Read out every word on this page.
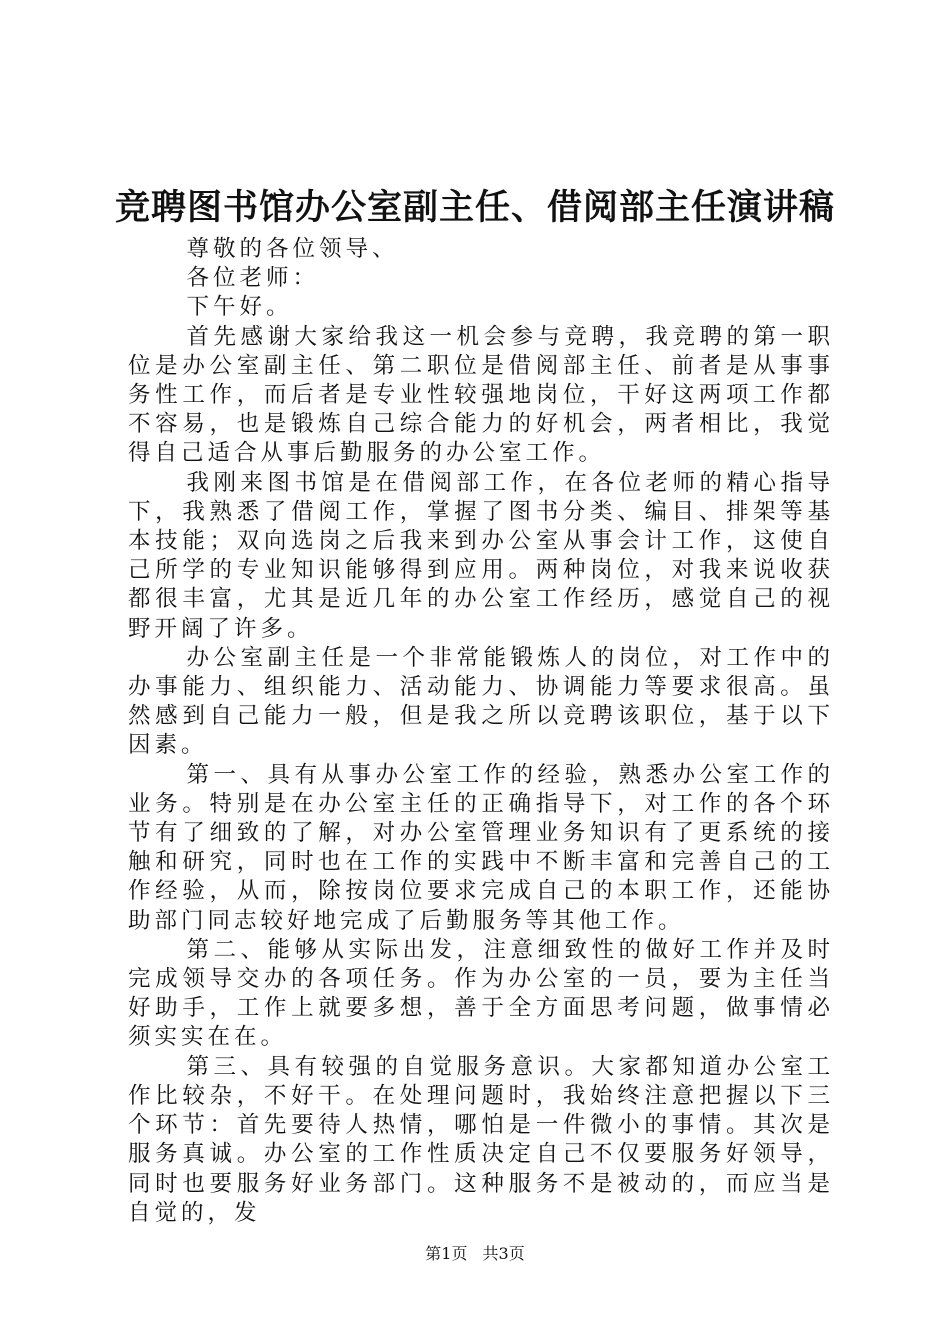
竞聘图书馆办公室副主任、借阅部主任演讲稿

尊敬的各位领导、

各位老师：

下午好。

首先感谢大家给我这一机会参与竞聘，我竞聘的第一职位是办公室副主任、第二职位是借阅部主任、前者是从事事务性工作，而后者是专业性较强地岗位，干好这两项工作都不容易，也是锻炼自己综合能力的好机会，两者相比，我觉得自己适合从事后勤服务的办公室工作。

我刚来图书馆是在借阅部工作，在各位老师的精心指导下，我熟悉了借阅工作，掌握了图书分类、编目、排架等基本技能；双向选岗之后我来到办公室从事会计工作，这使自己所学的专业知识能够得到应用。两种岗位，对我来说收获都很丰富，尤其是近几年的办公室工作经历，感觉自己的视野开阔了许多。

办公室副主任是一个非常能锻炼人的岗位，对工作中的办事能力、组织能力、活动能力、协调能力等要求很高。虽然感到自己能力一般，但是我之所以竞聘该职位，基于以下因素。

第一、具有从事办公室工作的经验，熟悉办公室工作的业务。特别是在办公室主任的正确指导下，对工作的各个环节有了细致的了解，对办公室管理业务知识有了更系统的接触和研究，同时也在工作的实践中不断丰富和完善自己的工作经验，从而，除按岗位要求完成自己的本职工作，还能协助部门同志较好地完成了后勤服务等其他工作。

第二、能够从实际出发，注意细致性的做好工作并及时完成领导交办的各项任务。作为办公室的一员，要为主任当好助手，工作上就要多想，善于全方面思考问题，做事情必须实实在在。

第三、具有较强的自觉服务意识。大家都知道办公室工作比较杂，不好干。在处理问题时，我始终注意把握以下三个环节：首先要待人热情，哪怕是一件微小的事情。其次是服务真诚。办公室的工作性质决定自己不仅要服务好领导，同时也要服务好业务部门。这种服务不是被动的，而应当是自觉的，发

第1页 共3页
